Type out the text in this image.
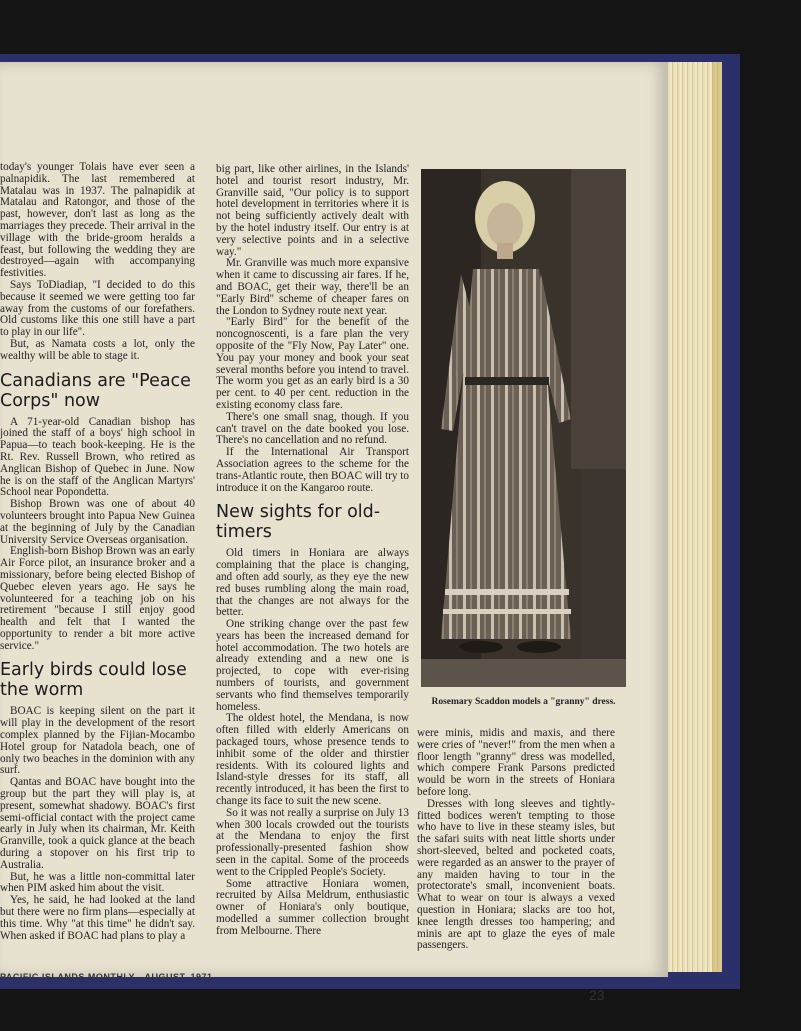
today's younger Tolais have ever seen a palnapidik. The last remembered at Matalau was in 1937. The palnapidik at Matalau and Ratongor, and those of the past, however, don't last as long as the marriages they precede. Their arrival in the village with the bride-groom heralds a feast, but following the wedding they are destroyed—again with accompanying festivities.

Says ToDiadiap, "I decided to do this because it seemed we were getting too far away from the customs of our forefathers. Old customs like this one still have a part to play in our life".

But, as Namata costs a lot, only the wealthy will be able to stage it.

Canadians are "Peace Corps" now

A 71-year-old Canadian bishop has joined the staff of a boys' high school in Papua—to teach book-keeping. He is the Rt. Rev. Russell Brown, who retired as Anglican Bishop of Quebec in June. Now he is on the staff of the Anglican Martyrs' School near Popondetta.

Bishop Brown was one of about 40 volunteers brought into Papua New Guinea at the beginning of July by the Canadian University Service Overseas organisation.

English-born Bishop Brown was an early Air Force pilot, an insurance broker and a missionary, before being elected Bishop of Quebec eleven years ago. He says he volunteered for a teaching job on his retirement "because I still enjoy good health and felt that I wanted the opportunity to render a bit more active service."

Early birds could lose the worm

BOAC is keeping silent on the part it will play in the development of the resort complex planned by the Fijian-Mocambo Hotel group for Natadola beach, one of only two beaches in the dominion with any surf.

Qantas and BOAC have bought into the group but the part they will play is, at present, somewhat shadowy. BOAC's first semi-official contact with the project came early in July when its chairman, Mr. Keith Granville, took a quick glance at the beach during a stopover on his first trip to Australia.

But, he was a little non-committal later when PIM asked him about the visit.

Yes, he said, he had looked at the land but there were no firm plans—especially at this time. Why "at this time" he didn't say. When asked if BOAC had plans to play a

big part, like other airlines, in the Islands' hotel and tourist resort industry, Mr. Granville said, "Our policy is to support hotel development in territories where it is not being sufficiently actively dealt with by the hotel industry itself. Our entry is at very selective points and in a selective way."

Mr. Granville was much more expansive when it came to discussing air fares. If he, and BOAC, get their way, there'll be an "Early Bird" scheme of cheaper fares on the London to Sydney route next year.

"Early Bird" for the benefit of the noncognoscenti, is a fare plan the very opposite of the "Fly Now, Pay Later" one. You pay your money and book your seat several months before you intend to travel. The worm you get as an early bird is a 30 per cent. to 40 per cent. reduction in the existing economy class fare.

There's one small snag, though. If you can't travel on the date booked you lose. There's no cancellation and no refund.

If the International Air Transport Association agrees to the scheme for the trans-Atlantic route, then BOAC will try to introduce it on the Kangaroo route.

New sights for old-timers

Old timers in Honiara are always complaining that the place is changing, and often add sourly, as they eye the new red buses rumbling along the main road, that the changes are not always for the better.

One striking change over the past few years has been the increased demand for hotel accommodation. The two hotels are already extending and a new one is projected, to cope with ever-rising numbers of tourists, and government servants who find themselves temporarily homeless.

The oldest hotel, the Mendana, is now often filled with elderly Americans on packaged tours, whose presence tends to inhibit some of the older and thirstier residents. With its coloured lights and Island-style dresses for its staff, all recently introduced, it has been the first to change its face to suit the new scene.

So it was not really a surprise on July 13 when 300 locals crowded out the tourists at the Mendana to enjoy the first professionally-presented fashion show seen in the capital. Some of the proceeds went to the Crippled People's Society.

Some attractive Honiara women, recruited by Ailsa Meldrum, enthusiastic owner of Honiara's only boutique, modelled a summer collection brought from Melbourne. There

Rosemary Scaddon models a "granny" dress.

were minis, midis and maxis, and there were cries of "never!" from the men when a floor length "granny" dress was modelled, which compere Frank Parsons predicted would be worn in the streets of Honiara before long.

Dresses with long sleeves and tightly-fitted bodices weren't tempting to those who have to live in these steamy isles, but the safari suits with neat little shorts under short-sleeved, belted and pocketed coats, were regarded as an answer to the prayer of any maiden having to tour in the protectorate's small, inconvenient boats. What to wear on tour is always a vexed question in Honiara; slacks are too hot, knee length dresses too hampering; and minis are apt to glaze the eyes of male passengers.

PACIFIC ISLANDS MONTHLY—AUGUST, 1971
23
